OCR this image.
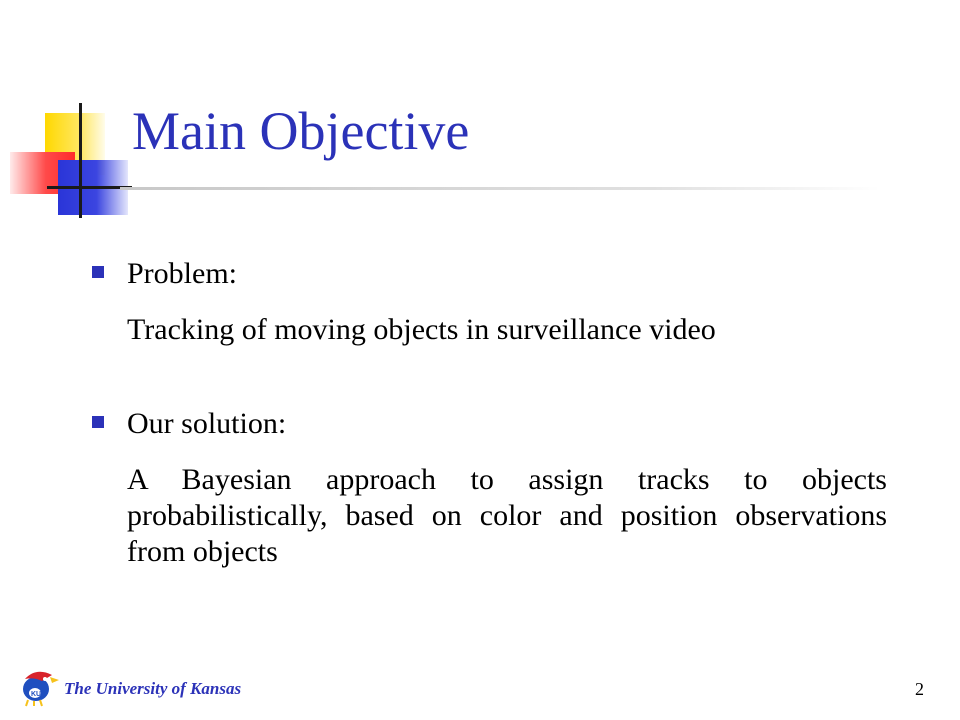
Main Objective
Problem:
Tracking of moving objects in surveillance video
Our solution:
A Bayesian approach to assign tracks to objects probabilistically, based on color and position observations from objects
KU The University of Kansas	2
